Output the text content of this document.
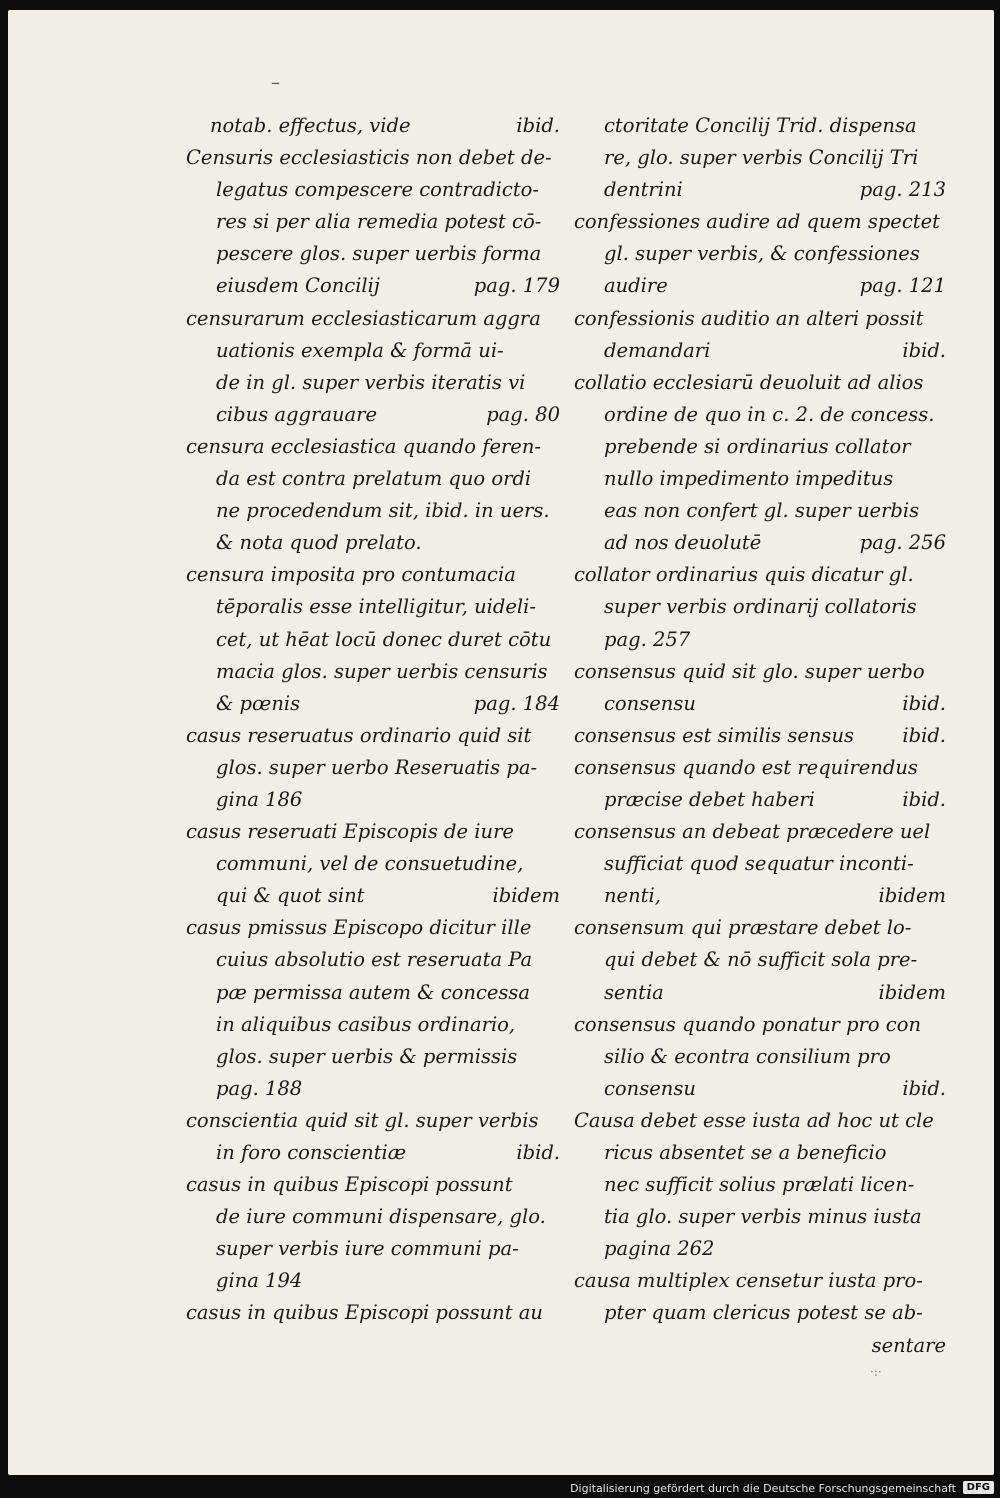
–
notab. effectus, vide	ibid.
Censuris ecclesiasticis non debet de-
legatus compescere contradicto-
res si per alia remedia potest cō-
pescere glos. super uerbis forma
eiusdem Concilij	pag. 179
censurarum ecclesiasticarum aggra
uationis exempla & formā ui-
de in gl. super verbis iteratis vi
cibus aggrauare	pag. 80
censura ecclesiastica quando feren-
da est contra prelatum quo ordi
ne procedendum sit, ibid. in uers.
& nota quod prelato.
censura imposita pro contumacia
tēporalis esse intelligitur, uideli-
cet, ut hēat locū donec duret cōtu
macia glos. super uerbis censuris
& pœnis	pag. 184
casus reseruatus ordinario quid sit
glos. super uerbo Reseruatis pa-
gina 186
casus reseruati Episcopis de iure
communi, vel de consuetudine,
qui & quot sint	ibidem
casus pmissus Episcopo dicitur ille
cuius absolutio est reseruata Pa
pæ permissa autem & concessa
in aliquibus casibus ordinario,
glos. super uerbis & permissis
pag. 188
conscientia quid sit gl. super verbis
in foro conscientiæ	ibid.
casus in quibus Episcopi possunt
de iure communi dispensare, glo.
super verbis iure communi pa-
gina 194
casus in quibus Episcopi possunt au
ctoritate Concilij Trid. dispensa
re, glo. super verbis Concilij Tri
dentrini	pag. 213
confessiones audire ad quem spectet
gl. super verbis, & confessiones
audire	pag. 121
confessionis auditio an alteri possit
demandari	ibid.
collatio ecclesiarū deuoluit ad alios
ordine de quo in c. 2. de concess.
prebende si ordinarius collator
nullo impedimento impeditus
eas non confert gl. super uerbis
ad nos deuolutē	pag. 256
collator ordinarius quis dicatur gl.
super verbis ordinarij collatoris
pag. 257
consensus quid sit glo. super uerbo
consensu	ibid.
consensus est similis sensus ibid.
consensus quando est requirendus
præcise debet haberi	ibid.
consensus an debeat præcedere uel
sufficiat quod sequatur inconti-
nenti,	ibidem
consensum qui præstare debet lo-
qui debet & nō sufficit sola pre-
sentia	ibidem
consensus quando ponatur pro con
silio & econtra consilium pro
consensu	ibid.
Causa debet esse iusta ad hoc ut cle
ricus absentet se a beneficio
nec sufficit solius prælati licen-
tia glo. super verbis minus iusta
pagina 262
causa multiplex censetur iusta pro-
pter quam clericus potest se ab-
sentare
·:·
Digitalisierung gefördert durch die Deutsche Forschungsgemeinschaft	DFG
